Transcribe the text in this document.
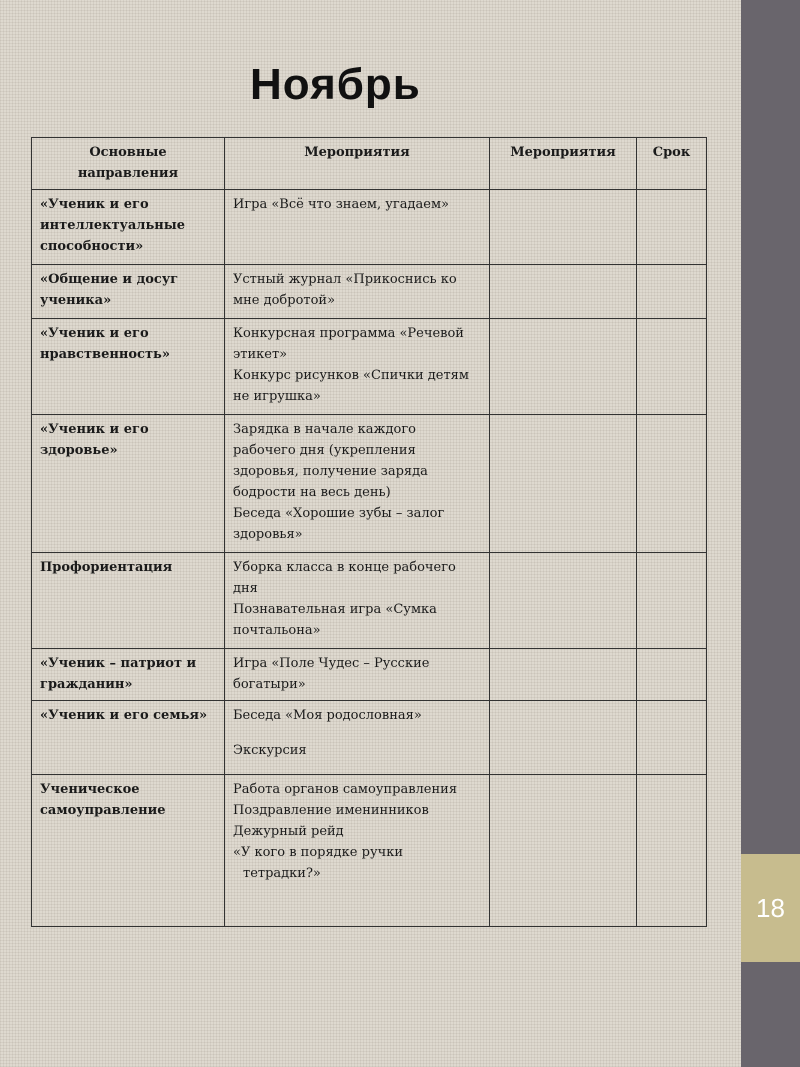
18
Ноябрь
Основные направления	Мероприятия	Мероприятия	Срок
«Ученик и его интеллектуальные способности»	Игра «Всё что знаем, угадаем»		

«Общение и досуг ученика»	Устный журнал «Прикоснись ко мне добротой»		

«Ученик и его нравственность»	Конкурсная программа «Речевой этикет»
Конкурс рисунков «Спички детям не игрушка»		

«Ученик и его здоровье»	Зарядка в начале каждого рабочего дня (укрепления здоровья, получение заряда бодрости на весь день)
Беседа «Хорошие зубы – залог здоровья»		

Профориентация	Уборка класса в конце рабочего дня
Познавательная игра «Сумка почтальона»		

«Ученик – патриот и гражданин»	Игра «Поле Чудес – Русские богатыри»		

«Ученик и его семья»	Беседа «Моя родословная»
Экскурсия		

Ученическое самоуправление	Работа органов самоуправления
Поздравление именинников
Дежурный рейд
«У кого в порядке ручки
тетрадки?»		
